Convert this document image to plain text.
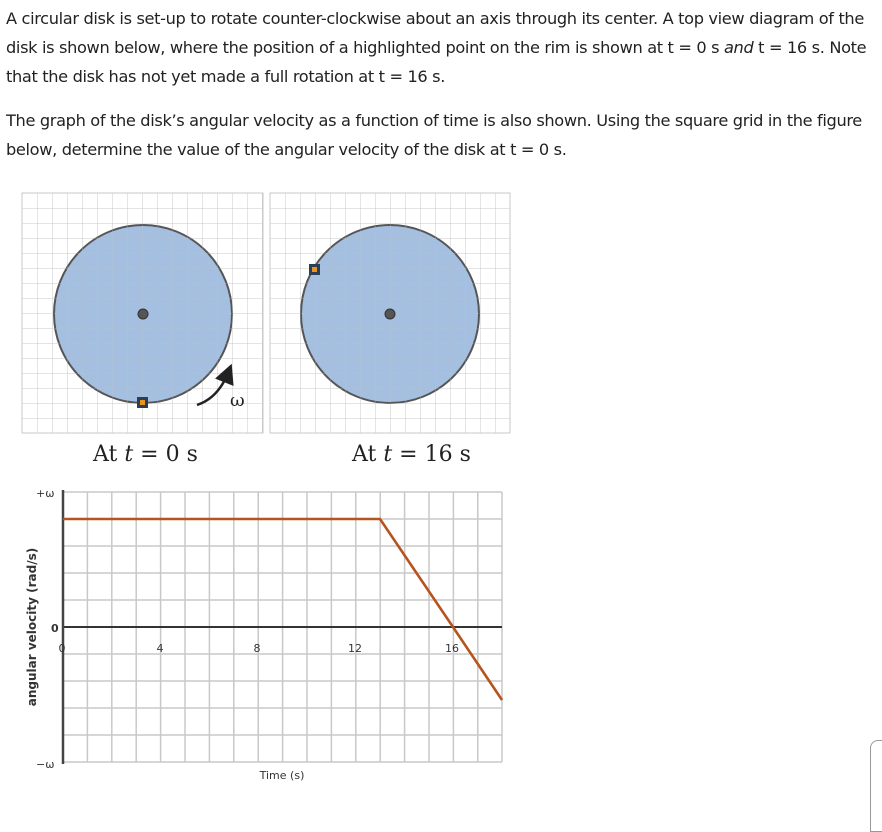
A circular disk is set-up to rotate counter-clockwise about an axis through its center. A top view diagram of the disk is shown below, where the position of a highlighted point on the rim is shown at t = 0 s and t = 16 s. Note that the disk has not yet made a full rotation at t = 16 s.

The graph of the disk’s angular velocity as a function of time is also shown. Using the square grid in the figure below, determine the value of the angular velocity of the disk at t = 0 s.

ω
At t = 0 s	At t = 16 s
+ω
0
−ω
angular velocity (rad/s) 0	4	8	12	16
Time (s)
